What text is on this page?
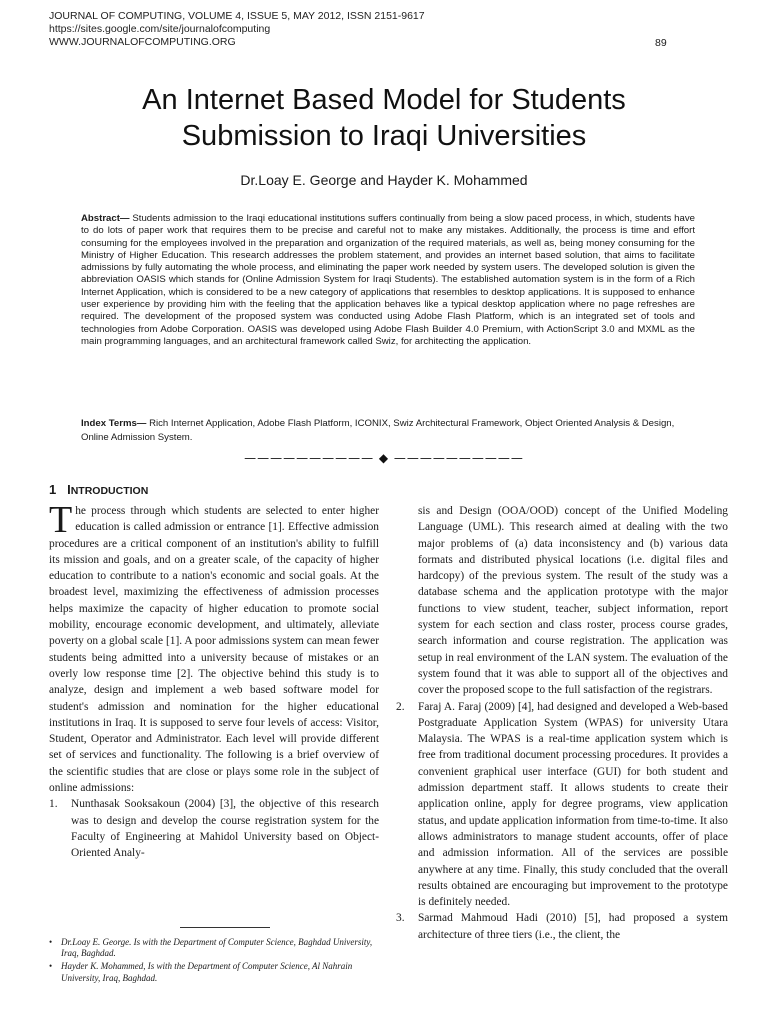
JOURNAL OF COMPUTING, VOLUME 4, ISSUE 5, MAY 2012, ISSN 2151-9617
https://sites.google.com/site/journalofcomputing
WWW.JOURNALOFCOMPUTING.ORG	89
An Internet Based Model for Students
Submission to Iraqi Universities
Dr.Loay E. George and Hayder K. Mohammed
Abstract— Students admission to the Iraqi educational institutions suffers continually from being a slow paced process, in which, students have to do lots of paper work that requires them to be precise and careful not to make any mistakes. Additionally, the process is time and effort consuming for the employees involved in the preparation and organization of the required materials, as well as, being money consuming for the Ministry of Higher Education. This research addresses the problem statement, and provides an internet based solution, that aims to facilitate admissions by fully automating the whole process, and eliminating the paper work needed by system users. The developed solution is given the abbreviation OASIS which stands for (Online Admission System for Iraqi Students). The established automation system is in the form of a Rich Internet Application, which is considered to be a new category of applications that resembles to desktop applications. It is supposed to enhance user experience by providing him with the feeling that the application behaves like a typical desktop application where no page refreshes are required. The development of the proposed system was conducted using Adobe Flash Platform, which is an integrated set of tools and technologies from Adobe Corporation. OASIS was developed using Adobe Flash Builder 4.0 Premium, with ActionScript 3.0 and MXML as the main programming languages, and an architectural framework called Swiz, for architecting the application.
Index Terms— Rich Internet Application, Adobe Flash Platform, ICONIX, Swiz Architectural Framework, Object Oriented Analysis & Design, Online Admission System.
—————————— ◆ ——————————
1 INTRODUCTION

The process through which students are selected to enter higher education is called admission or entrance [1]. Effective admission procedures are a critical component of an institution's ability to fulfill its mission and goals, and on a greater scale, of the capacity of higher education to contribute to a nation's economic and social goals. At the broadest level, maximizing the effectiveness of admission processes helps maximize the capacity of higher education to promote social mobility, encourage economic development, and ultimately, alleviate poverty on a global scale [1]. A poor admissions system can mean fewer students being admitted into a university because of mistakes or an overly low response time [2]. The objective behind this study is to analyze, design and implement a web based software model for student's admission and nomination for the higher educational institutions in Iraq. It is supposed to serve four levels of access: Visitor, Student, Operator and Administrator. Each level will provide different set of services and functionality. The following is a brief overview of the scientific studies that are close or plays some role in the subject of online admissions:

1.	Nunthasak Sooksakoun (2004) [3], the objective of this research was to design and develop the course registration system for the Faculty of Engineering at Mahidol University based on Object-Oriented Analy-
• Dr.Loay E. George. Is with the Department of Computer Science, Baghdad University, Iraq, Baghdad.
• Hayder K. Mohammed, Is with the Department of Computer Science, Al Nahrain University, Iraq, Baghdad.
sis and Design (OOA/OOD) concept of the Unified Modeling Language (UML). This research aimed at dealing with the two major problems of (a) data inconsistency and (b) various data formats and distributed physical locations (i.e. digital files and hardcopy) of the previous system. The result of the study was a database schema and the application prototype with the major functions to view student, teacher, subject information, report system for each section and class roster, process course grades, search information and course registration. The application was setup in real environment of the LAN system. The evaluation of the system found that it was able to support all of the objectives and cover the proposed scope to the full satisfaction of the registrars.
2.	Faraj A. Faraj (2009) [4], had designed and developed a Web-based Postgraduate Application System (WPAS) for university Utara Malaysia. The WPAS is a real-time application system which is free from traditional document processing procedures. It provides a convenient graphical user interface (GUI) for both student and admission department staff. It allows students to create their application online, apply for degree programs, view application status, and update application information from time-to-time. It also allows administrators to manage student accounts, offer of place and admission information. All of the services are possible anywhere at any time. Finally, this study concluded that the overall results obtained are encouraging but improvement to the prototype is definitely needed.
3.	Sarmad Mahmoud Hadi (2010) [5], had proposed a system architecture of three tiers (i.e., the client, the
